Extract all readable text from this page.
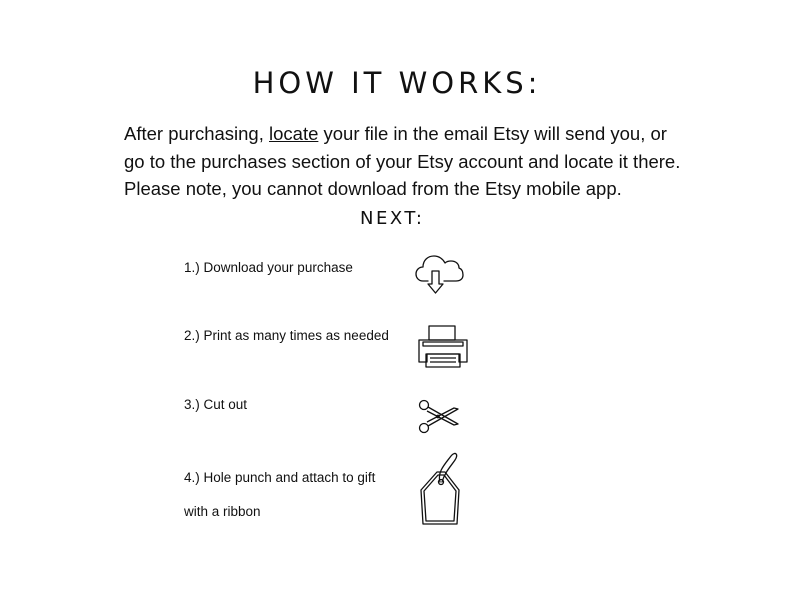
HOW IT WORKS:

After purchasing, locate your file in the email Etsy will send you, or go to the purchases section of your Etsy account and locate it there. Please note, you cannot download from the Etsy mobile app.

NEXT:
1.) Download your purchase
2.) Print as many times as needed
3.) Cut out
4.) Hole punch and attach to gift
with a ribbon
